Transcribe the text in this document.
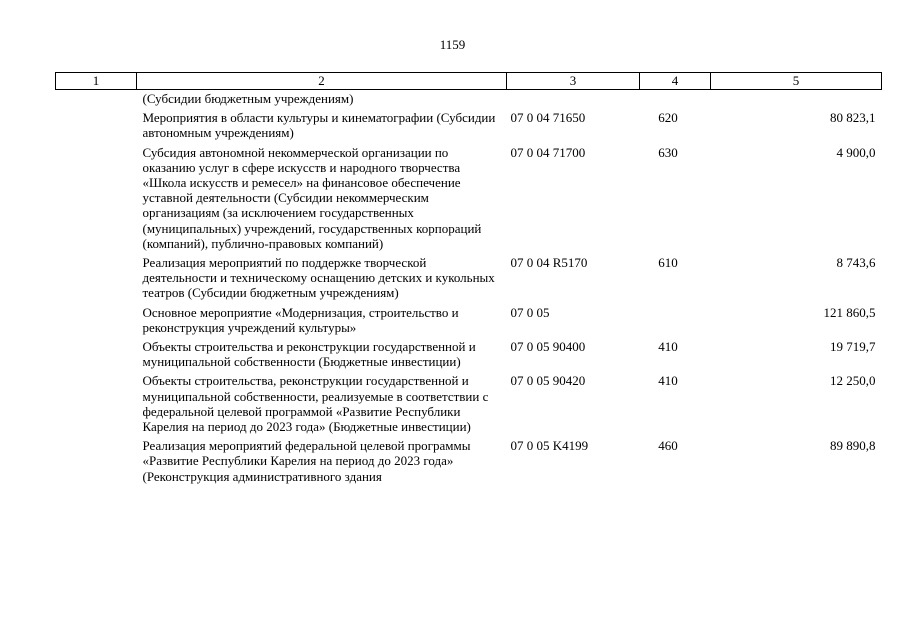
1159
1	2	3	4	5
	(Субсидии бюджетным учреждениям)			
	Мероприятия в области культуры и кинематографии (Субсидии автономным учреждениям)	07 0 04 71650	620	80 823,1
	Субсидия автономной некоммерческой организации по оказанию услуг в сфере искусств и народного творчества «Школа искусств и ремесел» на финансовое обеспечение уставной деятельности (Субсидии некоммерческим организациям (за исключением государственных (муниципальных) учреждений, государственных корпораций (компаний), публично-правовых компаний)	07 0 04 71700	630	4 900,0
	Реализация мероприятий по поддержке творческой деятельности и техническому оснащению детских и кукольных театров (Субсидии бюджетным учреждениям)	07 0 04 R5170	610	8 743,6
	Основное мероприятие «Модернизация, строительство и реконструкция учреждений культуры»	07 0 05		121 860,5
	Объекты строительства и реконструкции государственной и муниципальной собственности (Бюджетные инвестиции)	07 0 05 90400	410	19 719,7
	Объекты строительства, реконструкции государственной и муниципальной собственности, реализуемые в соответствии с федеральной целевой программой «Развитие Республики Карелия на период до 2023 года» (Бюджетные инвестиции)	07 0 05 90420	410	12 250,0
	Реализация мероприятий федеральной целевой программы «Развитие Республики Карелия на период до 2023 года» (Реконструкция административного здания	07 0 05 K4199	460	89 890,8
